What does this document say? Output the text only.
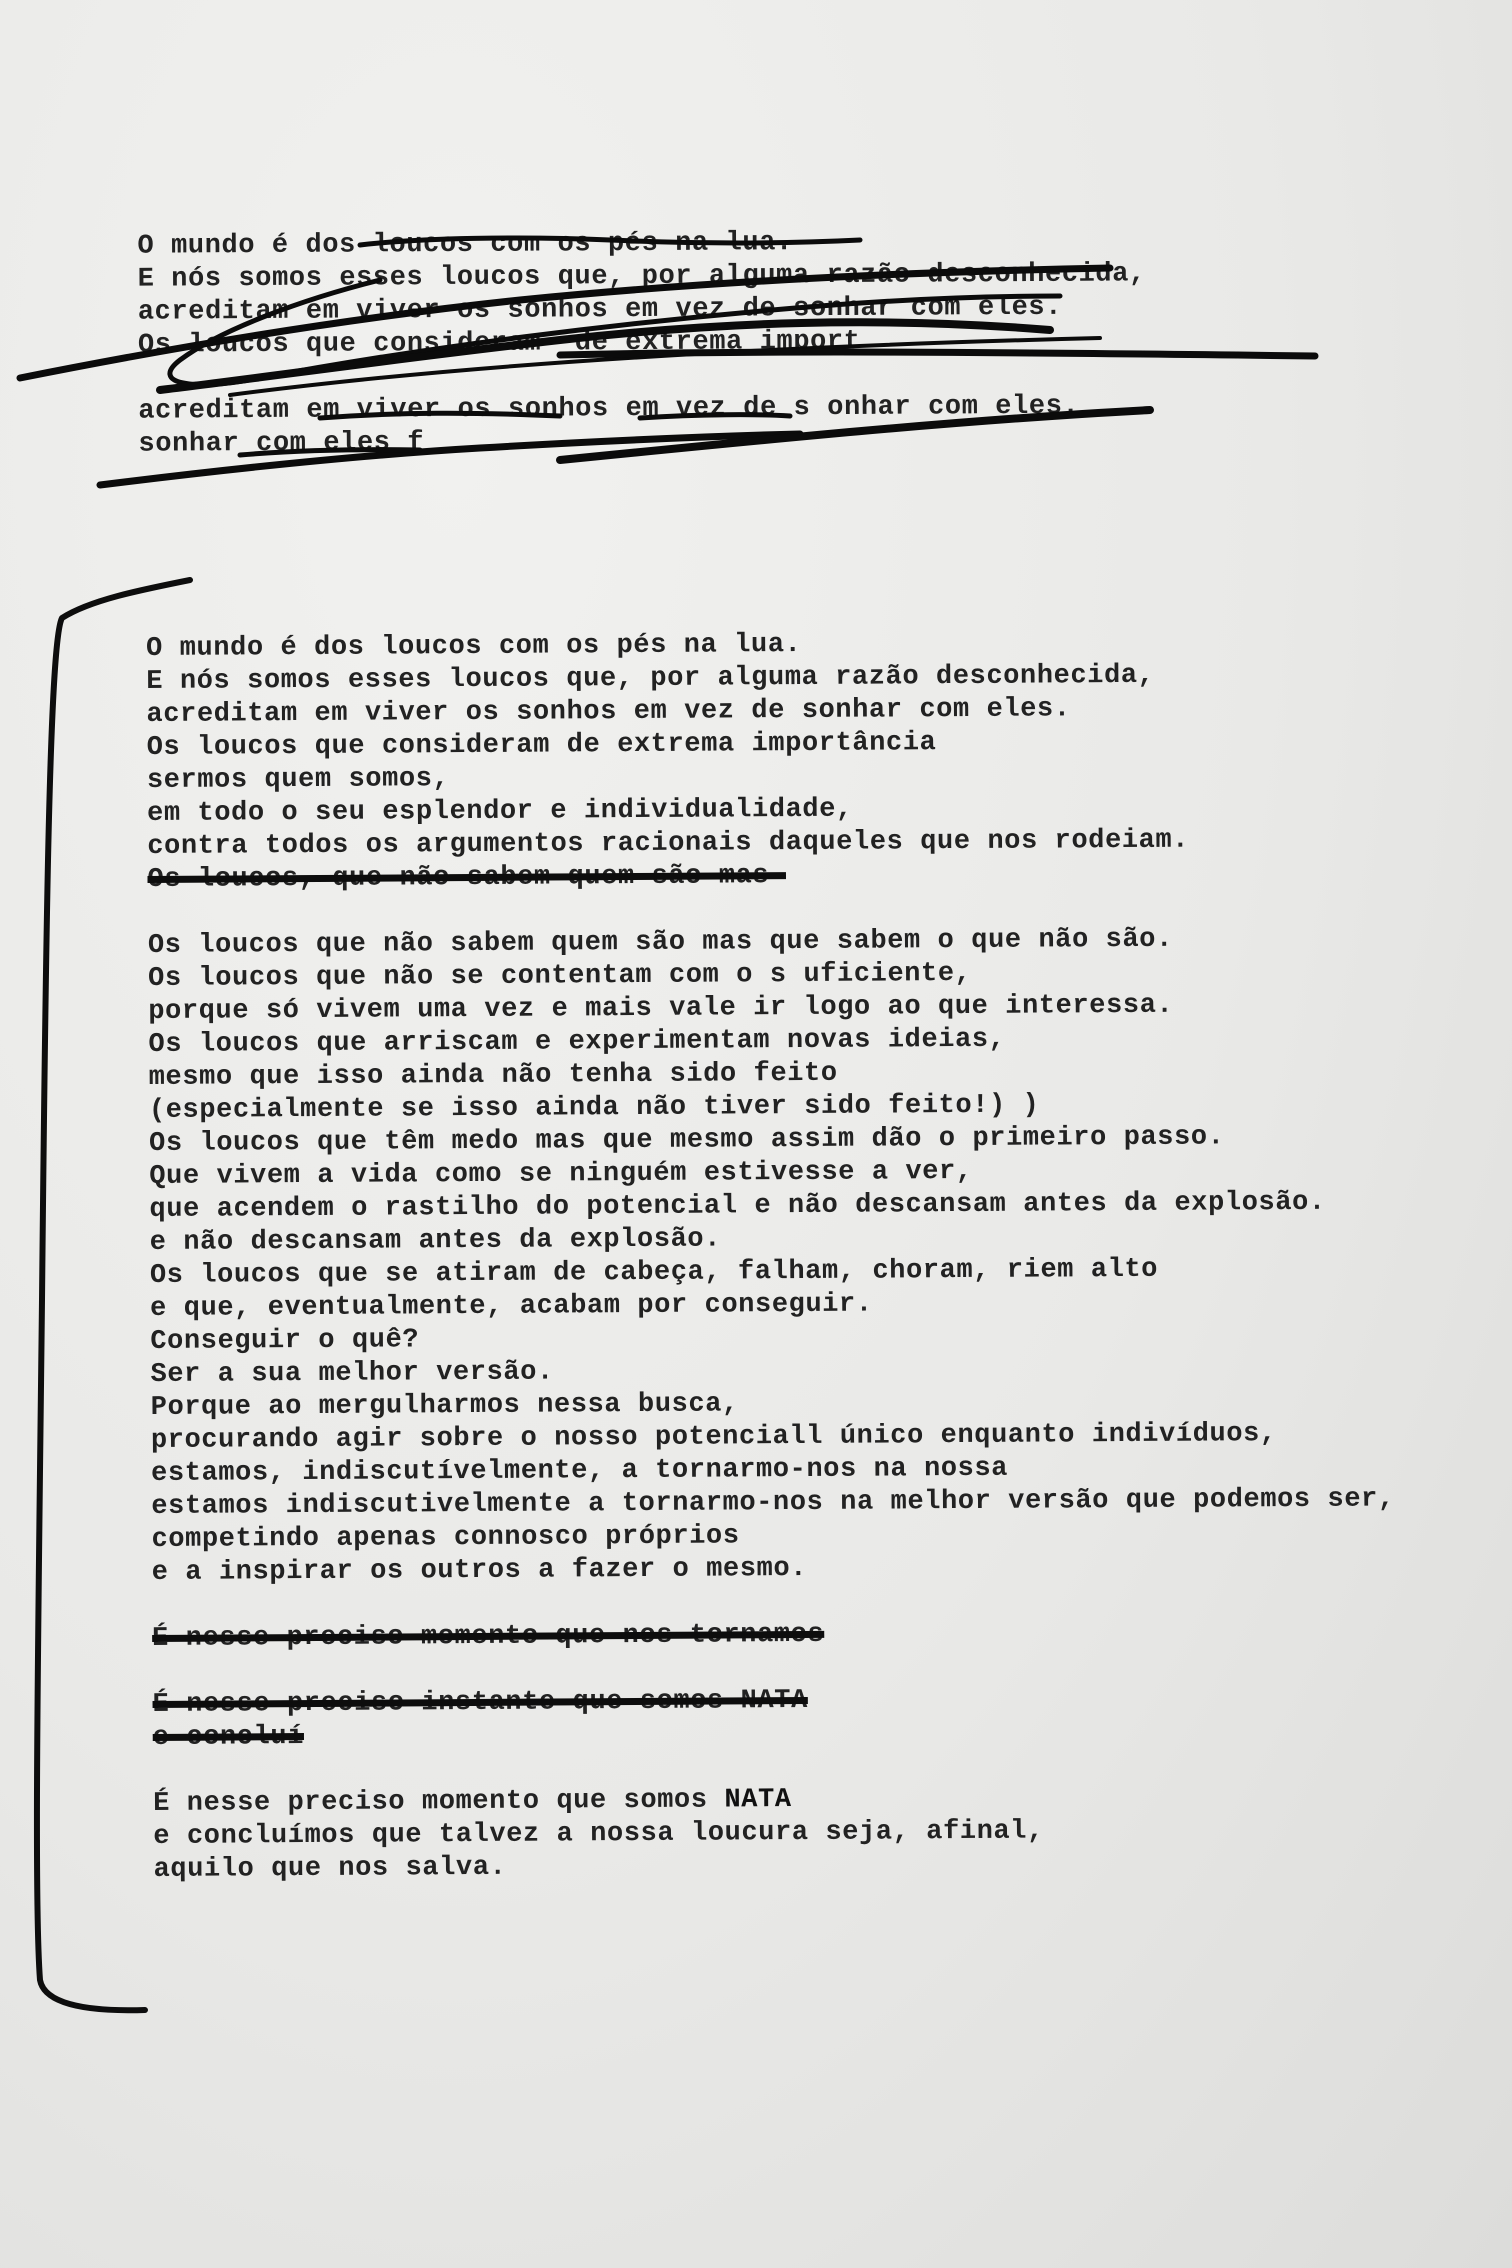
O mundo é dos loucos com os pés na lua.
E nós somos esses loucos que, por alguma razão desconhecida,
acreditam em viver os sonhos em vez de sonhar com eles.
Os loucos que consideram  de extrema import
acreditam em viver os sonhos em vez de s onhar com eles.
sonhar com eles f
O mundo é dos loucos com os pés na lua.
E nós somos esses loucos que, por alguma razão desconhecida,
acreditam em viver os sonhos em vez de sonhar com eles.
Os loucos que consideram de extrema importância
sermos quem somos,
em todo o seu esplendor e individualidade,
contra todos os argumentos racionais daqueles que nos rodeiam.
Os loucos, que não sabem quem são mas
Os loucos que não sabem quem são mas que sabem o que não são.
Os loucos que não se contentam com o s uficiente,
porque só vivem uma vez e mais vale ir logo ao que interessa.
Os loucos que arriscam e experimentam novas ideias,
mesmo que isso ainda não tenha sido feito
(especialmente se isso ainda não tiver sido feito!) )
Os loucos que têm medo mas que mesmo assim dão o primeiro passo.
Que vivem a vida como se ninguém estivesse a ver,
que acendem o rastilho do potencial e não descansam antes da explosão.
e não descansam antes da explosão.
Os loucos que se atiram de cabeça, falham, choram, riem alto
e que, eventualmente, acabam por conseguir.
Conseguir o quê?
Ser a sua melhor versão.
Porque ao mergulharmos nessa busca,
procurando agir sobre o nosso potenciall único enquanto indivíduos,
estamos, indiscutívelmente, a tornarmo-nos na nossa
estamos indiscutivelmente a tornarmo-nos na melhor versão que podemos ser,
competindo apenas connosco próprios
e a inspirar os outros a fazer o mesmo.
É nesse preciso momento que nos tornamos
É nesse preciso instante que somos NATA
e concluí
É nesse preciso momento que somos NATA
e concluímos que talvez a nossa loucura seja, afinal,
aquilo que nos salva.
